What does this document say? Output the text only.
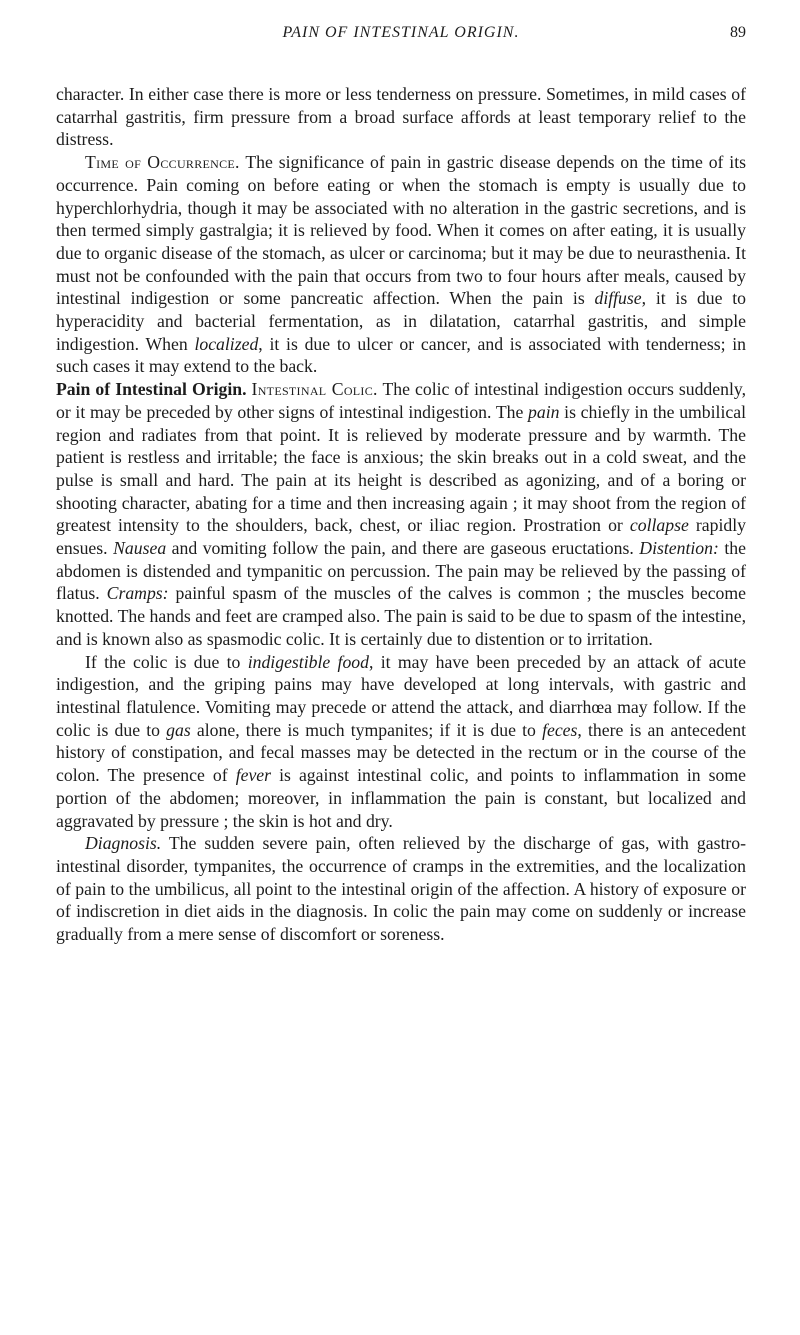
PAIN OF INTESTINAL ORIGIN.	89

character. In either case there is more or less tenderness on pressure. Sometimes, in mild cases of catarrhal gastritis, firm pressure from a broad surface affords at least temporary relief to the distress.

Time of Occurrence. The significance of pain in gastric disease depends on the time of its occurrence. Pain coming on before eating or when the stomach is empty is usually due to hyperchlorhydria, though it may be associated with no alteration in the gastric secretions, and is then termed simply gastralgia; it is relieved by food. When it comes on after eating, it is usually due to organic disease of the stomach, as ulcer or carcinoma; but it may be due to neurasthenia. It must not be confounded with the pain that occurs from two to four hours after meals, caused by intestinal indigestion or some pancreatic affection. When the pain is diffuse, it is due to hyperacidity and bacterial fermentation, as in dilatation, catarrhal gastritis, and simple indigestion. When localized, it is due to ulcer or cancer, and is associated with tenderness; in such cases it may extend to the back.

Pain of Intestinal Origin. Intestinal Colic. The colic of intestinal indigestion occurs suddenly, or it may be preceded by other signs of intestinal indigestion. The pain is chiefly in the umbilical region and radiates from that point. It is relieved by moderate pressure and by warmth. The patient is restless and irritable; the face is anxious; the skin breaks out in a cold sweat, and the pulse is small and hard. The pain at its height is described as agonizing, and of a boring or shooting character, abating for a time and then increasing again ; it may shoot from the region of greatest intensity to the shoulders, back, chest, or iliac region. Prostration or collapse rapidly ensues. Nausea and vomiting follow the pain, and there are gaseous eructations. Distention: the abdomen is distended and tympanitic on percussion. The pain may be relieved by the passing of flatus. Cramps: painful spasm of the muscles of the calves is common ; the muscles become knotted. The hands and feet are cramped also. The pain is said to be due to spasm of the intestine, and is known also as spasmodic colic. It is certainly due to distention or to irritation.

If the colic is due to indigestible food, it may have been preceded by an attack of acute indigestion, and the griping pains may have developed at long intervals, with gastric and intestinal flatulence. Vomiting may precede or attend the attack, and diarrhœa may follow. If the colic is due to gas alone, there is much tympanites; if it is due to feces, there is an antecedent history of constipation, and fecal masses may be detected in the rectum or in the course of the colon. The presence of fever is against intestinal colic, and points to inflammation in some portion of the abdomen; moreover, in inflammation the pain is constant, but localized and aggravated by pressure ; the skin is hot and dry.

Diagnosis. The sudden severe pain, often relieved by the discharge of gas, with gastro-intestinal disorder, tympanites, the occurrence of cramps in the extremities, and the localization of pain to the umbilicus, all point to the intestinal origin of the affection. A history of exposure or of indiscretion in diet aids in the diagnosis. In colic the pain may come on suddenly or increase gradually from a mere sense of discomfort or soreness.
